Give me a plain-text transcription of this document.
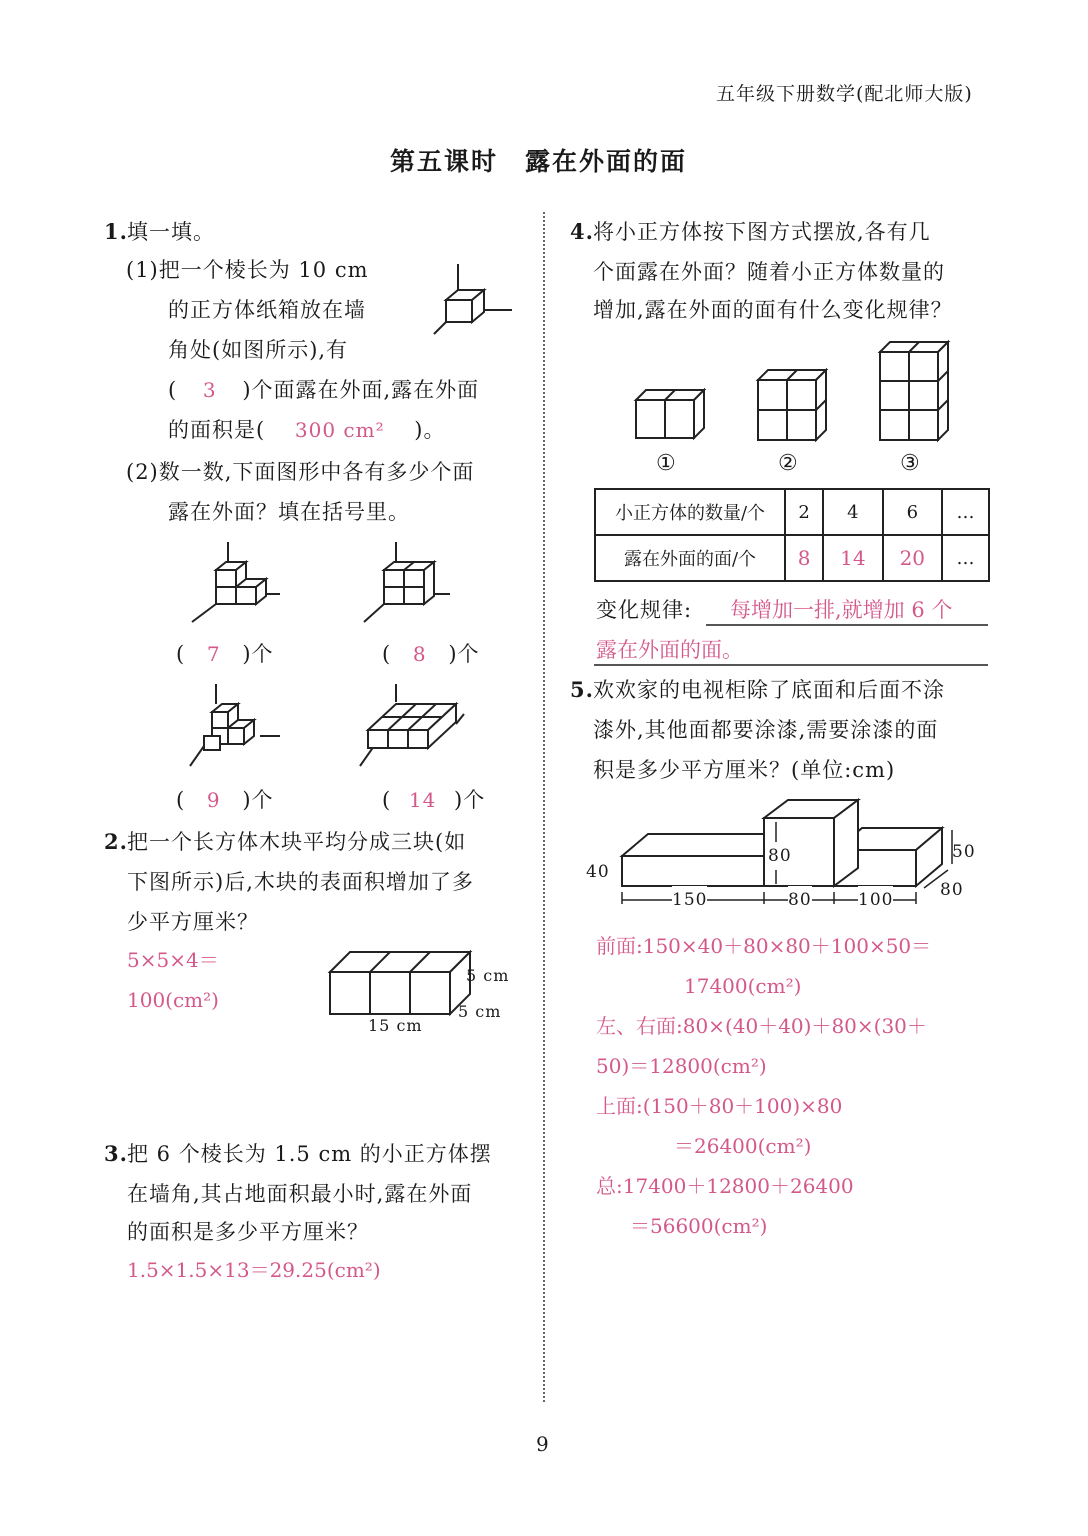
五年级下册数学(配北师大版)
第五课时　露在外面的面
1. 填一填。
(1)把一个棱长为 10 cm
的正方体纸箱放在墙
角处(如图所示),有
( 3 )个面露在外面,露在外面
的面积是( 300 cm² )。
(2)数一数,下面图形中各有多少个面
露在外面？填在括号里。
( 7 )个	( 8 )个
( 9 )个	( 14 )个
2. 把一个长方体木块平均分成三块(如
下图所示)后,木块的表面积增加了多
少平方厘米？
5×5×4＝
100(cm²)
5 cm
5 cm
15 cm
3. 把 6 个棱长为 1.5 cm 的小正方体摆
在墙角,其占地面积最小时,露在外面
的面积是多少平方厘米？
1.5×1.5×13＝29.25(cm²)
4. 将小正方体按下图方式摆放,各有几
个面露在外面？随着小正方体数量的
增加,露在外面的面有什么变化规律？
①	②	③
小正方体的数量/个	2	4	6	…
露在外面的面/个	8	14	20	…
变化规律: 每增加一排,就增加 6 个
露在外面的面。
5. 欢欢家的电视柜除了底面和后面不涂
漆外,其他面都要涂漆,需要涂漆的面
积是多少平方厘米？(单位:cm)
40
80	50
80
150	80	100
前面:150×40＋80×80＋100×50＝
17400(cm²)
左、右面:80×(40＋40)＋80×(30＋
50)＝12800(cm²)
上面:(150＋80＋100)×80
＝26400(cm²)
总:17400＋12800＋26400
＝56600(cm²)
9
